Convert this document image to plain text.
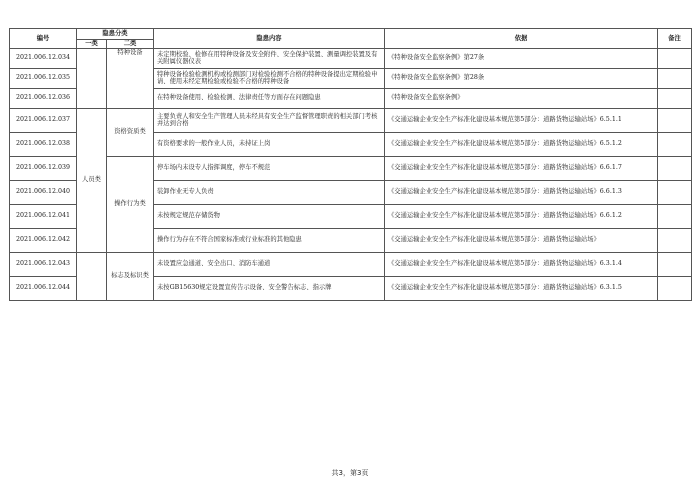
编号	隐患分类		隐患内容	依据	备注
	一类	二类			
2021.006.12.034		特种设备	未定期校验、检修在用特种设备及安全附件、安全保护装置、测量调控装置及有关附属仪器仪表	《特种设备安全监察条例》第27条	
2021.006.12.035			特种设备检验检测机构或检测部门对检验检测不合格的特种设备提出定期检验申请、使用未经定期检验或检验不合格的特种设备	《特种设备安全监察条例》第28条	
2021.006.12.036			在特种设备使用、检验检测、法律责任等方面存在问题隐患	《特种设备安全监察条例》	
2021.006.12.037	人员类	资格资质类	主要负责人和安全生产管理人员未经具有安全生产监督管理职责的相关部门考核并达到合格	《交通运输企业安全生产标准化建设基本规范第5部分：道路货物运输站场》6.5.1.1	
2021.006.12.038			有资格要求的一般作业人员，未持证上岗	《交通运输企业安全生产标准化建设基本规范第5部分：道路货物运输站场》6.5.1.2	
2021.006.12.039		操作行为类	停车场内未设专人指挥调度，停车不规范	《交通运输企业安全生产标准化建设基本规范第5部分：道路货物运输站场》6.6.1.7	
2021.006.12.040			装卸作业无专人负责	《交通运输企业安全生产标准化建设基本规范第5部分：道路货物运输站场》6.6.1.3	
2021.006.12.041			未按规定规范存储货物	《交通运输企业安全生产标准化建设基本规范第5部分：道路货物运输站场》6.6.1.2	
2021.006.12.042			操作行为存在不符合国家标准或行业标准的其他隐患	《交通运输企业安全生产标准化建设基本规范第5部分：道路货物运输站场》	
2021.006.12.043		标志及标识类	未设置应急通道、安全出口、消防车通道	《交通运输企业安全生产标准化建设基本规范第5部分：道路货物运输站场》6.3.1.4	
2021.006.12.044			未按GB15630规定设置宣传告示设备、安全警告标志、指示牌	《交通运输企业安全生产标准化建设基本规范第5部分：道路货物运输站场》6.3.1.5	
共3，第3页
